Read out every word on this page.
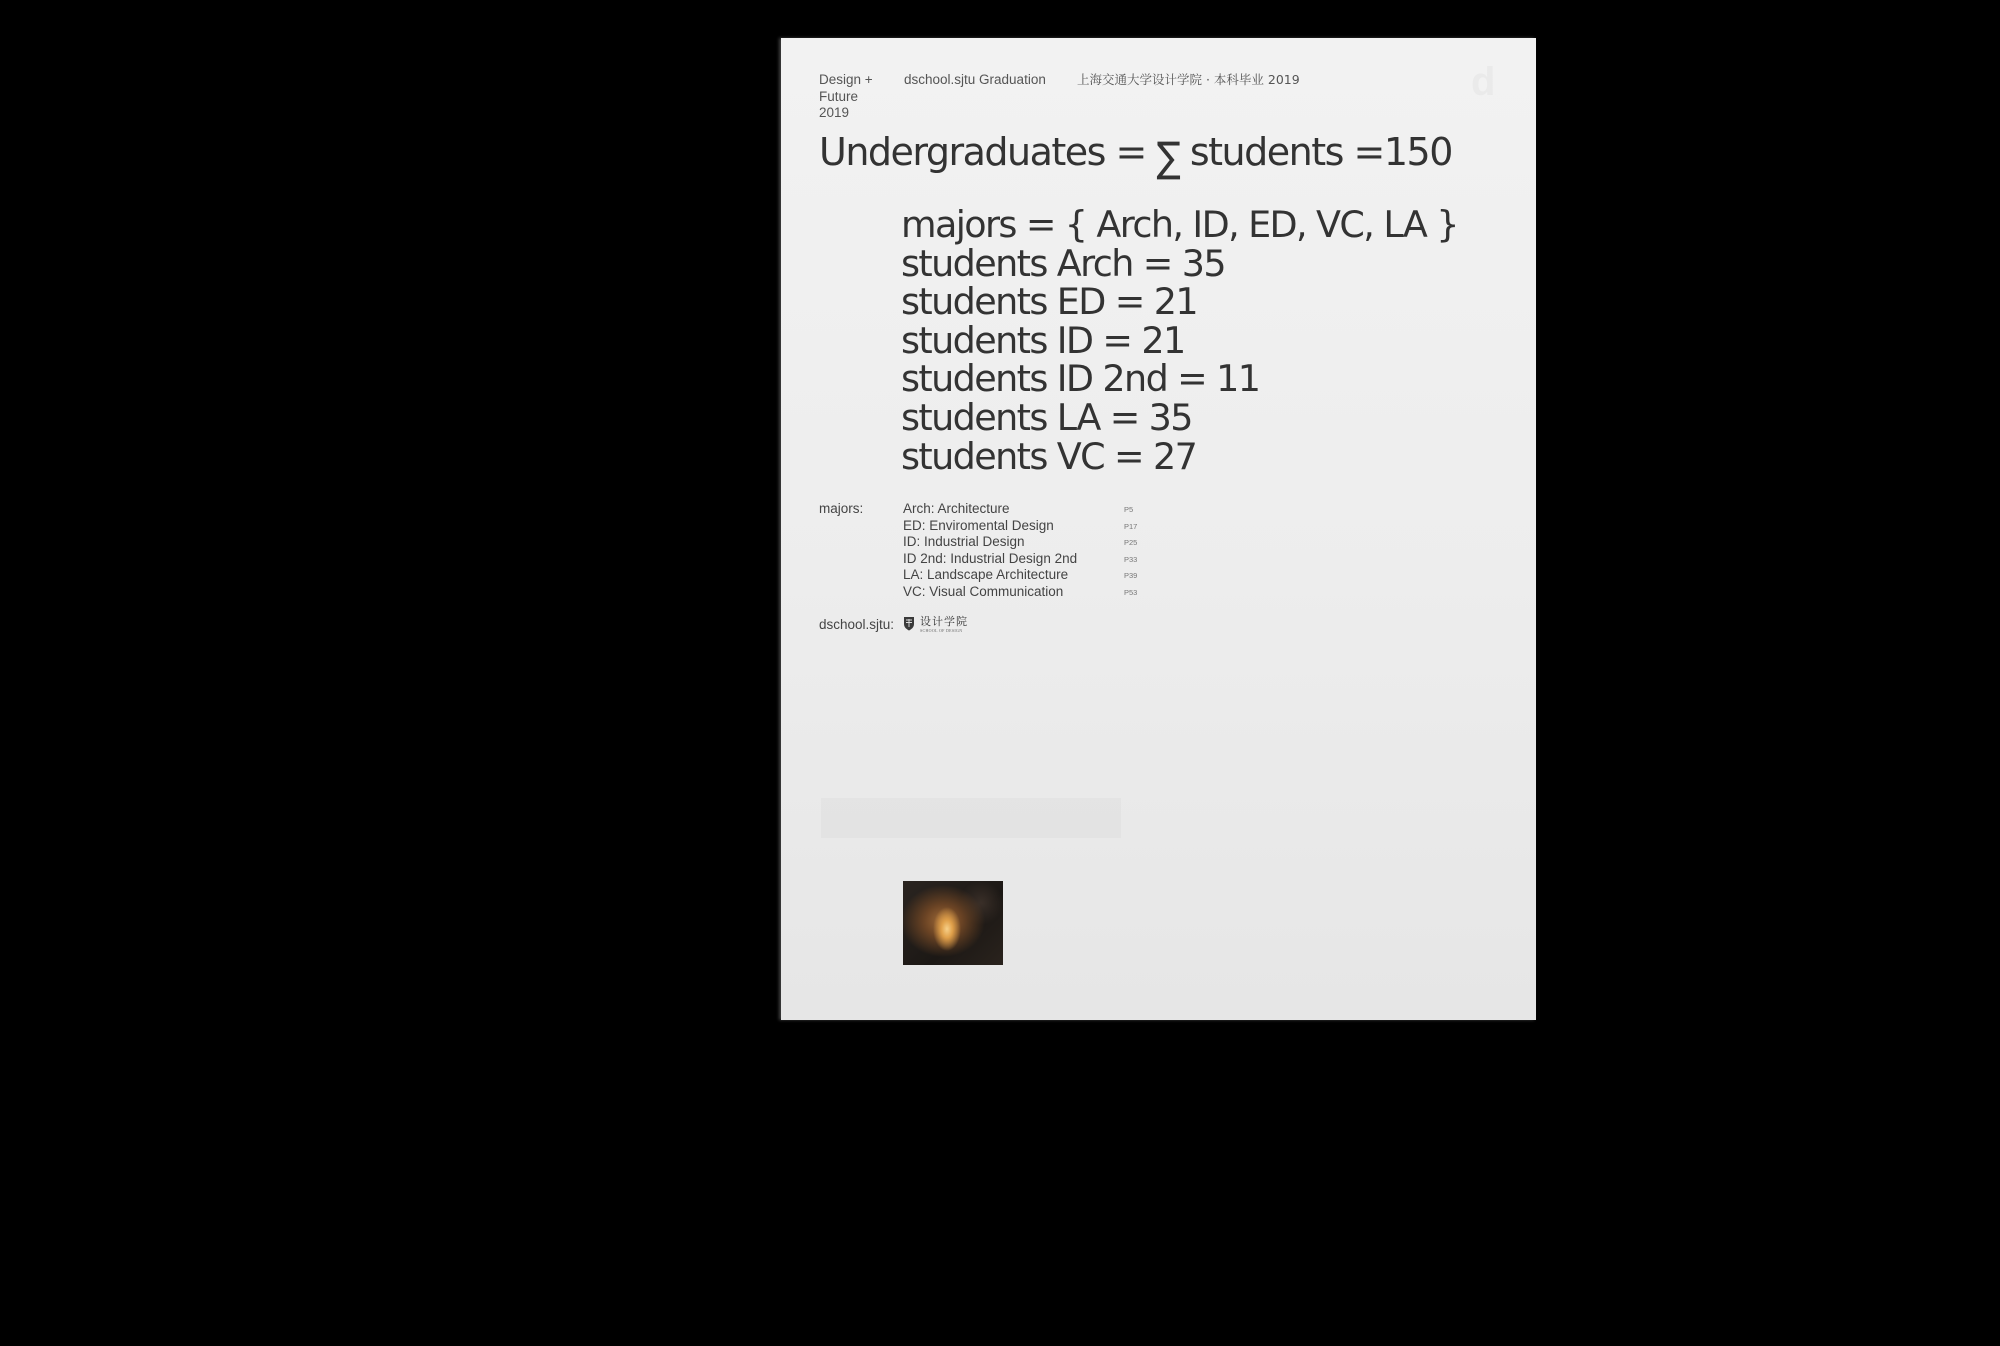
d
Design +
Future
2019
dschool.sjtu Graduation 上海交通大学设计学院 · 本科毕业 2019
Undergraduates = ∑ students =150
majors = { Arch, ID, ED, VC, LA }
students Arch = 35
students ED = 21
students ID = 21
students ID 2nd = 11
students LA = 35
students VC = 27
majors:	Arch: Architecture	P5
ED: Enviromental Design	P17
ID: Industrial Design	P25
ID 2nd: Industrial Design 2nd	P33
LA: Landscape Architecture	P39
VC: Visual Communication	P53
dschool.sjtu: 设计学院
SCHOOL OF DESIGN
